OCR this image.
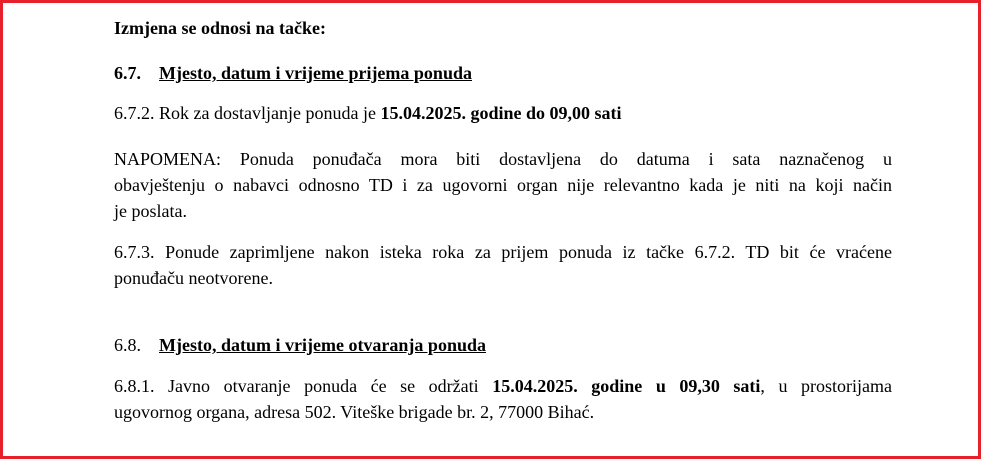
Izmjena se odnosi na tačke:

6.7. Mjesto, datum i vrijeme prijema ponuda

6.7.2. Rok za dostavljanje ponuda je 15.04.2025. godine do 09,00 sati

NAPOMENA: Ponuda ponuđača mora biti dostavljena do datuma i sata naznačenog u

obavještenju o nabavci odnosno TD i za ugovorni organ nije relevantno kada je niti na koji način

je poslata.

6.7.3. Ponude zaprimljene nakon isteka roka za prijem ponuda iz tačke 6.7.2. TD bit će vraćene

ponuđaču neotvorene.

6.8. Mjesto, datum i vrijeme otvaranja ponuda

6.8.1. Javno otvaranje ponuda će se održati 15.04.2025. godine u 09,30 sati, u prostorijama

ugovornog organa, adresa 502. Viteške brigade br. 2, 77000 Bihać.
